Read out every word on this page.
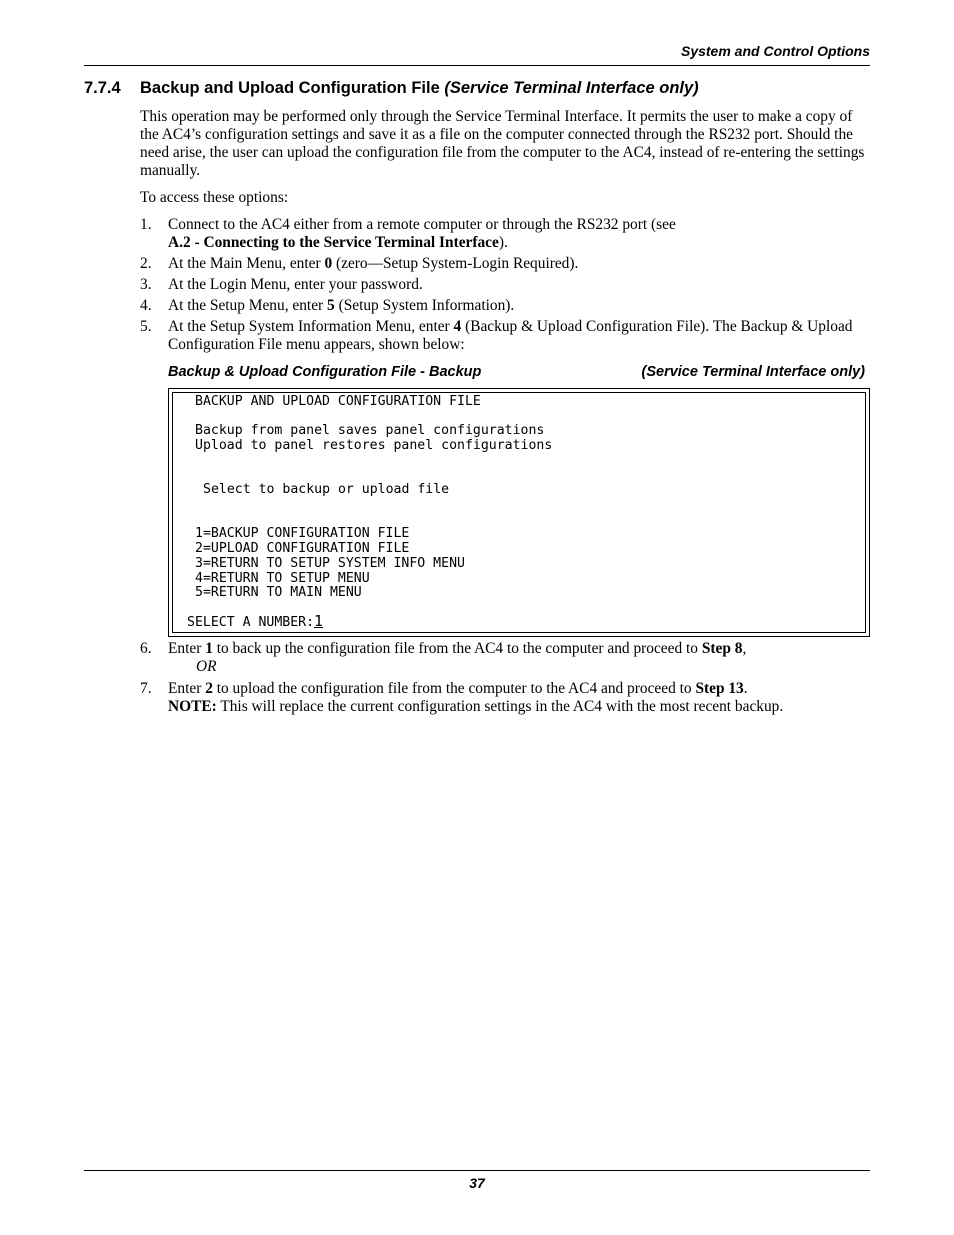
System and Control Options
7.7.4 Backup and Upload Configuration File (Service Terminal Interface only)

This operation may be performed only through the Service Terminal Interface. It permits the user to make a copy of the AC4’s configuration settings and save it as a file on the computer connected through the RS232 port. Should the need arise, the user can upload the configuration file from the computer to the AC4, instead of re-entering the settings manually.

To access these options:

1. Connect to the AC4 either from a remote computer or through the RS232 port (see
A.2 - Connecting to the Service Terminal Interface).
2. At the Main Menu, enter 0 (zero—Setup System-Login Required).
3. At the Login Menu, enter your password.
4. At the Setup Menu, enter 5 (Setup System Information).
5. At the Setup System Information Menu, enter 4 (Backup & Upload Configuration File). The Backup & Upload Configuration File menu appears, shown below:
Backup & Upload Configuration File - Backup	(Service Terminal Interface only)

BACKUP AND UPLOAD CONFIGURATION FILE

Backup from panel saves panel configurations

Upload to panel restores panel configurations

Select to backup or upload file

1=BACKUP CONFIGURATION FILE

2=UPLOAD CONFIGURATION FILE

3=RETURN TO SETUP SYSTEM INFO MENU

4=RETURN TO SETUP MENU

5=RETURN TO MAIN MENU

SELECT A NUMBER:1

6. Enter 1 to back up the configuration file from the AC4 to the computer and proceed to Step 8,
OR
7. Enter 2 to upload the configuration file from the computer to the AC4 and proceed to Step 13.
NOTE: This will replace the current configuration settings in the AC4 with the most recent backup.
37
